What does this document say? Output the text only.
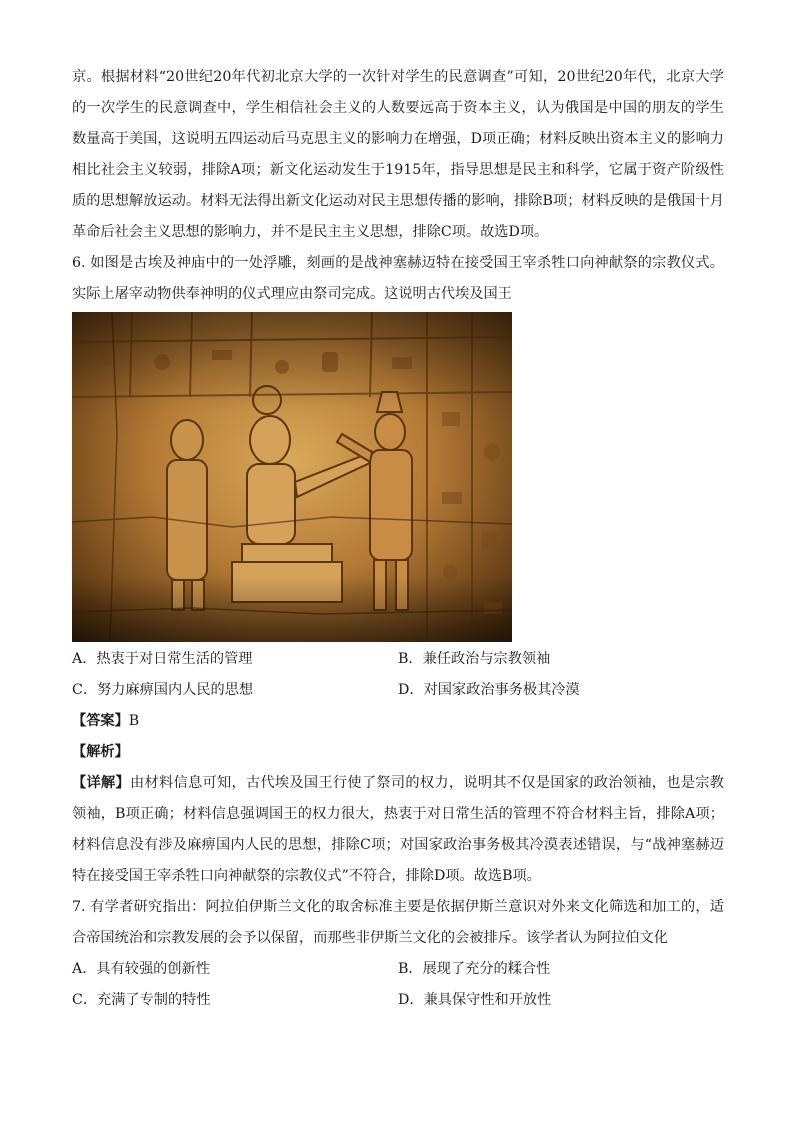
京。根据材料“20世纪20年代初北京大学的一次针对学生的民意调查”可知，20世纪20年代，北京大学的一次学生的民意调查中，学生相信社会主义的人数要远高于资本主义，认为俄国是中国的朋友的学生数量高于美国，这说明五四运动后马克思主义的影响力在增强，D项正确；材料反映出资本主义的影响力相比社会主义较弱，排除A项；新文化运动发生于1915年，指导思想是民主和科学，它属于资产阶级性质的思想解放运动。材料无法得出新文化运动对民主思想传播的影响，排除B项；材料反映的是俄国十月革命后社会主义思想的影响力，并不是民主主义思想，排除C项。故选D项。

6. 如图是古埃及神庙中的一处浮雕，刻画的是战神塞赫迈特在接受国王宰杀牲口向神献祭的宗教仪式。实际上屠宰动物供奉神明的仪式理应由祭司完成。这说明古代埃及国王

A．热衷于对日常生活的管理	B．兼任政治与宗教领袖
C．努力麻痹国内人民的思想	D．对国家政治事务极其冷漠

【答案】B

【解析】

【详解】由材料信息可知，古代埃及国王行使了祭司的权力，说明其不仅是国家的政治领袖，也是宗教领袖，B项正确；材料信息强调国王的权力很大，热衷于对日常生活的管理不符合材料主旨，排除A项；材料信息没有涉及麻痹国内人民的思想，排除C项；对国家政治事务极其冷漠表述错误，与“战神塞赫迈特在接受国王宰杀牲口向神献祭的宗教仪式”不符合，排除D项。故选B项。

7. 有学者研究指出：阿拉伯伊斯兰文化的取舍标准主要是依据伊斯兰意识对外来文化筛选和加工的，适合帝国统治和宗教发展的会予以保留，而那些非伊斯兰文化的会被排斥。该学者认为阿拉伯文化

A．具有较强的创新性	B．展现了充分的糅合性
C．充满了专制的特性	D．兼具保守性和开放性
